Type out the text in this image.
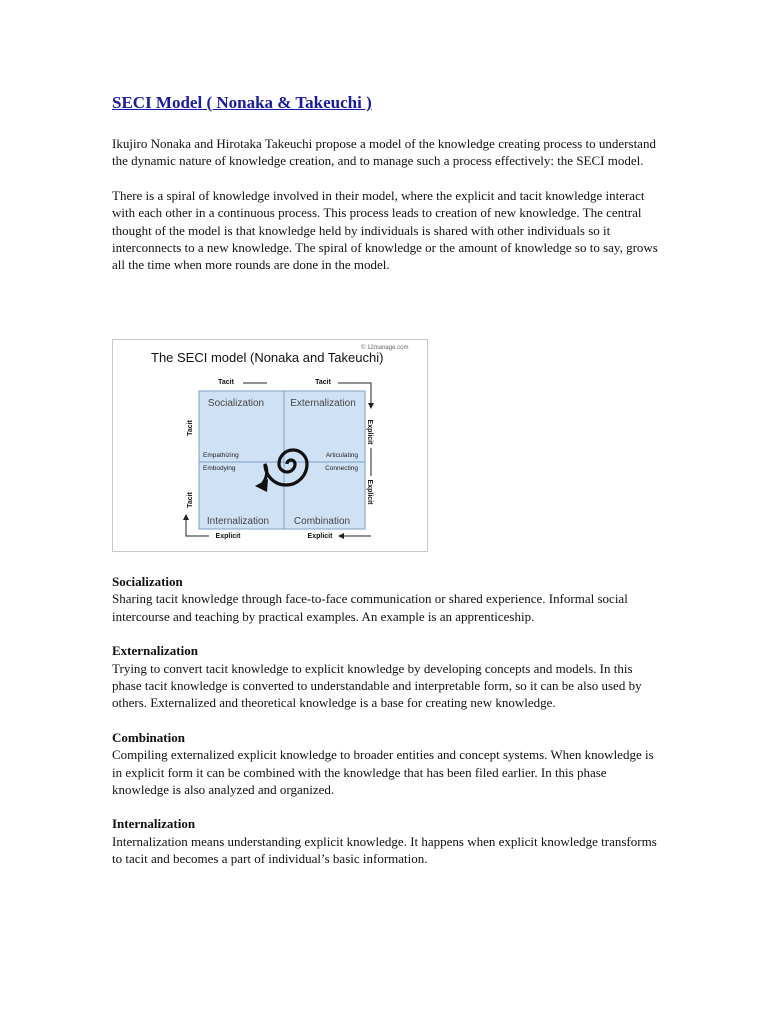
SECI Model ( Nonaka & Takeuchi )

Ikujiro Nonaka and Hirotaka Takeuchi propose a model of the knowledge creating process to understand the dynamic nature of knowledge creation, and to manage such a process effectively: the SECI model.

There is a spiral of knowledge involved in their model, where the explicit and tacit knowledge interact with each other in a continuous process. This process leads to creation of new knowledge. The central thought of the model is that knowledge held by individuals is shared with other individuals so it interconnects to a new knowledge. The spiral of knowledge or the amount of knowledge so to say, grows all the time when more rounds are done in the model.

The SECI model (Nonaka and Takeuchi)
© 12manage.com
Tacit	Tacit
Socialization	Externalization
Internalization Combination
Empathizing	Articulating
Embodying	Connecting
Tacit
Tacit
Explicit
Explicit
Explicit	Explicit
Socialization

Sharing tacit knowledge through face-to-face communication or shared experience. Informal social intercourse and teaching by practical examples. An example is an apprenticeship.

Externalization

Trying to convert tacit knowledge to explicit knowledge by developing concepts and models. In this phase tacit knowledge is converted to understandable and interpretable form, so it can be also used by others. Externalized and theoretical knowledge is a base for creating new knowledge.

Combination

Compiling externalized explicit knowledge to broader entities and concept systems. When knowledge is in explicit form it can be combined with the knowledge that has been filed earlier. In this phase knowledge is also analyzed and organized.

Internalization

Internalization means understanding explicit knowledge. It happens when explicit knowledge transforms to tacit and becomes a part of individual’s basic information.
